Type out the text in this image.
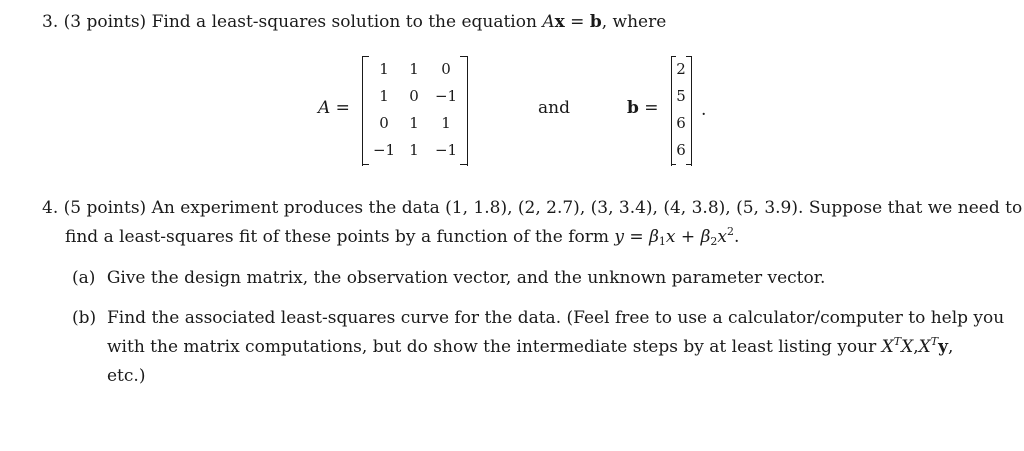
3. (3 points) Find a least-squares solution to the equation Ax = b, where
A =
1	1	0
1	0	−1
0	1	1
−1 1	−1
and	b =
2
5
6
6
.
4. (5 points) An experiment produces the data (1, 1.8), (2, 2.7), (3, 3.4), (4, 3.8), (5, 3.9). Suppose that we need to
find a least-squares fit of these points by a function of the form $y = \beta_1x + \beta_2x^2$.
(a) Give the design matrix, the observation vector, and the unknown parameter vector.
(b) Find the associated least-squares curve for the data. (Feel free to use a calculator/computer to help you
with the matrix computations, but do show the intermediate steps by at least listing your $X^TX,X^Ty$,
etc.)
